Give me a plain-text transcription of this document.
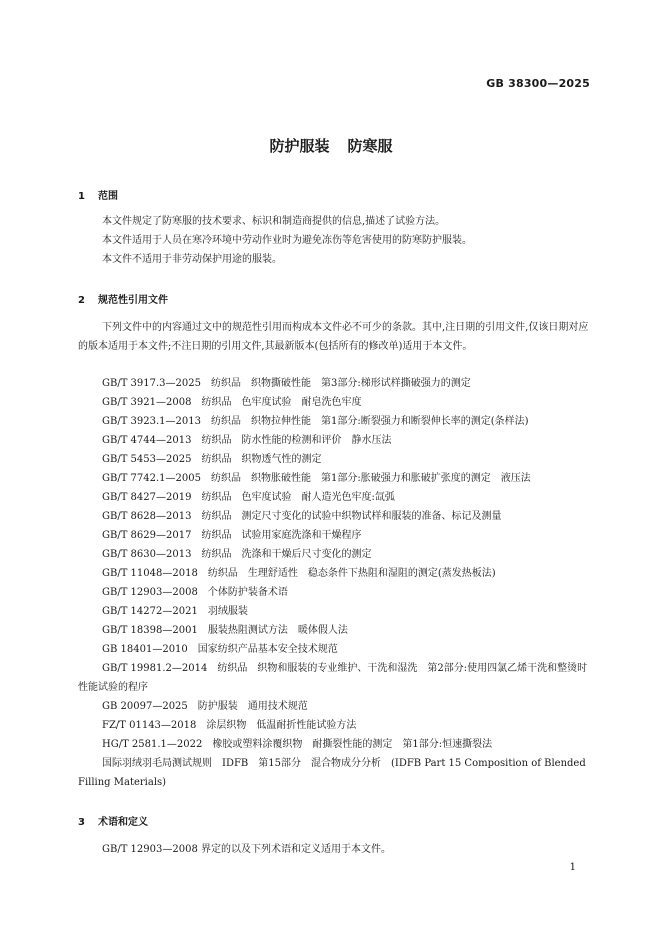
GB 38300—2025
防护服装 防寒服
1 范围

本文件规定了防寒服的技术要求、标识和制造商提供的信息,描述了试验方法。

本文件适用于人员在寒冷环境中劳动作业时为避免冻伤等危害使用的防寒防护服装。

本文件不适用于非劳动保护用途的服装。

2 规范性引用文件

下列文件中的内容通过文中的规范性引用而构成本文件必不可少的条款。其中,注日期的引用文件,仅该日期对应的版本适用于本文件;不注日期的引用文件,其最新版本(包括所有的修改单)适用于本文件。

GB/T 3917.3—2025 纺织品　织物撕破性能　第3部分:梯形试样撕破强力的测定
GB/T 3921—2008 纺织品　色牢度试验　耐皂洗色牢度
GB/T 3923.1—2013 纺织品　织物拉伸性能　第1部分:断裂强力和断裂伸长率的测定(条样法)
GB/T 4744—2013 纺织品　防水性能的检测和评价　静水压法
GB/T 5453—2025 纺织品　织物透气性的测定
GB/T 7742.1—2005 纺织品　织物胀破性能　第1部分:胀破强力和胀破扩张度的测定　液压法
GB/T 8427—2019 纺织品　色牢度试验　耐人造光色牢度:氙弧
GB/T 8628—2013 纺织品　测定尺寸变化的试验中织物试样和服装的准备、标记及测量
GB/T 8629—2017 纺织品　试验用家庭洗涤和干燥程序
GB/T 8630—2013 纺织品　洗涤和干燥后尺寸变化的测定
GB/T 11048—2018 纺织品　生理舒适性　稳态条件下热阻和湿阻的测定(蒸发热板法)
GB/T 12903—2008 个体防护装备术语
GB/T 14272—2021 羽绒服装
GB/T 18398—2001 服装热阻测试方法　暖体假人法
GB 18401—2010 国家纺织产品基本安全技术规范
GB/T 19981.2—2014 纺织品　织物和服装的专业维护、干洗和湿洗　第2部分:使用四氯乙烯干洗和整烫时性能试验的程序
GB 20097—2025 防护服装　通用技术规范
FZ/T 01143—2018 涂层织物　低温耐折性能试验方法
HG/T 2581.1—2022 橡胶或塑料涂覆织物　耐撕裂性能的测定　第1部分:恒速撕裂法
国际羽绒羽毛局测试规则 IDFB　第15部分　混合物成分分析　(IDFB Part 15 Composition of Blended Filling Materials)
3 术语和定义

GB/T 12903—2008 界定的以及下列术语和定义适用于本文件。

1
